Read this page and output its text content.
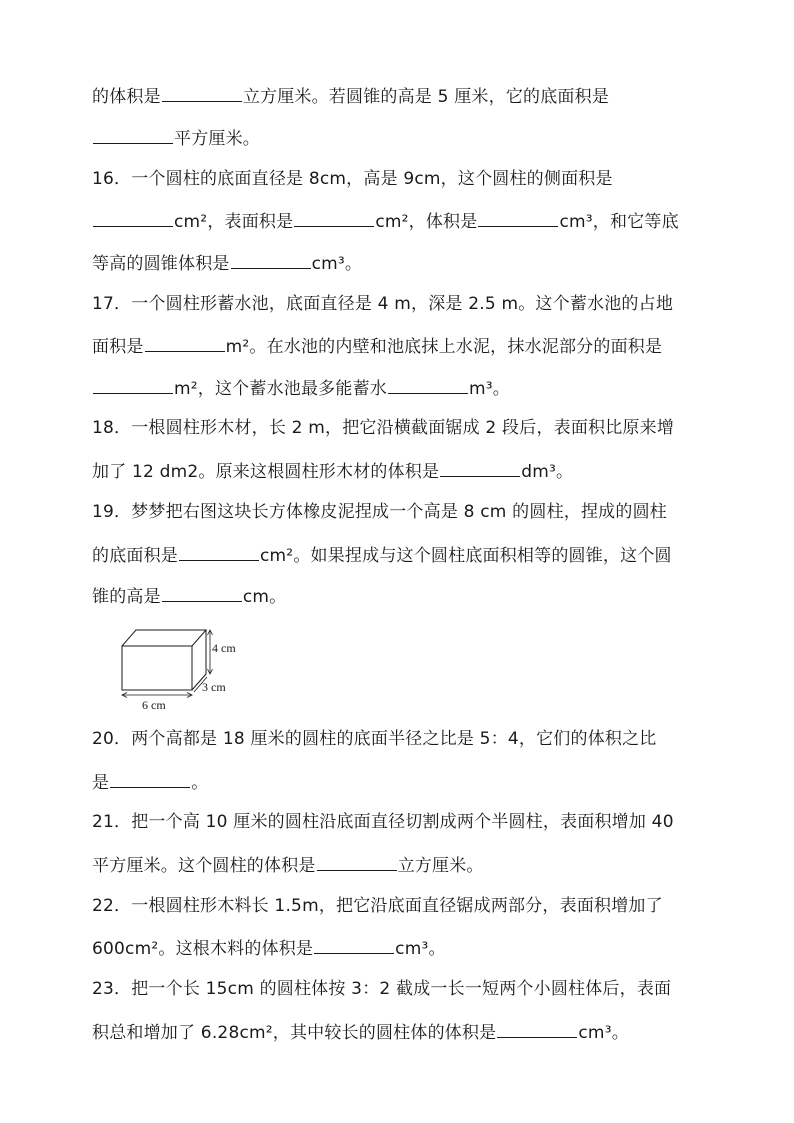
的体积是	立方厘米。若圆锥的高是 5 厘米，它的底面积是
平方厘米。
16．一个圆柱的底面直径是 8cm，高是 9cm，这个圆柱的侧面积是
cm²，表面积是	cm²，体积是	cm³，和它等底
等高的圆锥体积是	cm³。
17．一个圆柱形蓄水池，底面直径是 4 m，深是 2.5 m。这个蓄水池的占地
面积是	m²。在水池的内壁和池底抹上水泥，抹水泥部分的面积是
m²，这个蓄水池最多能蓄水	m³。
18．一根圆柱形木材，长 2 m，把它沿横截面锯成 2 段后，表面积比原来增
加了 12 dm2。原来这根圆柱形木材的体积是	dm³。
19．梦梦把右图这块长方体橡皮泥捏成一个高是 8 cm 的圆柱，捏成的圆柱
的底面积是	cm²。如果捏成与这个圆柱底面积相等的圆锥，这个圆
锥的高是	cm。
4 cm
3 cm
6 cm
20．两个高都是 18 厘米的圆柱的底面半径之比是 5：4，它们的体积之比
是	。
21．把一个高 10 厘米的圆柱沿底面直径切割成两个半圆柱，表面积增加 40
平方厘米。这个圆柱的体积是	立方厘米。
22．一根圆柱形木料长 1.5m，把它沿底面直径锯成两部分，表面积增加了
600cm²。这根木料的体积是	cm³。
23．把一个长 15cm 的圆柱体按 3：2 截成一长一短两个小圆柱体后，表面
积总和增加了 6.28cm²，其中较长的圆柱体的体积是	cm³。
